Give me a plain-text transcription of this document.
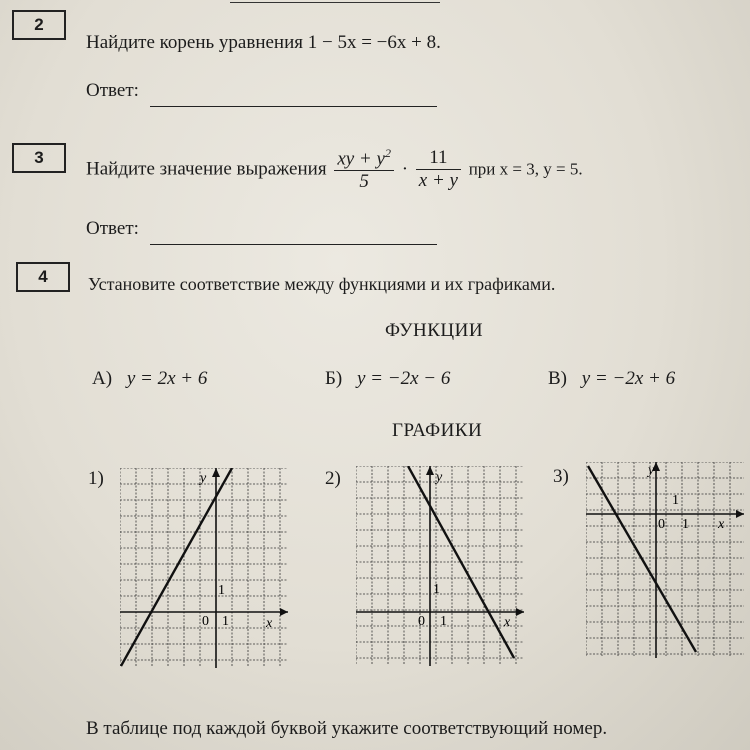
2
Найдите корень уравнения 1 − 5x = −6x + 8.
Ответ:
3
Найдите значение выражения $\frac{xy + y^2}{5} \cdot \frac{11}{x + y}$ при x = 3, y = 5.
Ответ:
4	Установите соответствие между функциями и их графиками.
ФУНКЦИИ
А) y = 2x + 6	Б) y = −2x − 6	В) y = −2x + 6
ГРАФИКИ
1)	2)	3)
y
x
0 1
1
y
x
0 1
1
y
x
0 1
1
В таблице под каждой буквой укажите соответствующий номер.
